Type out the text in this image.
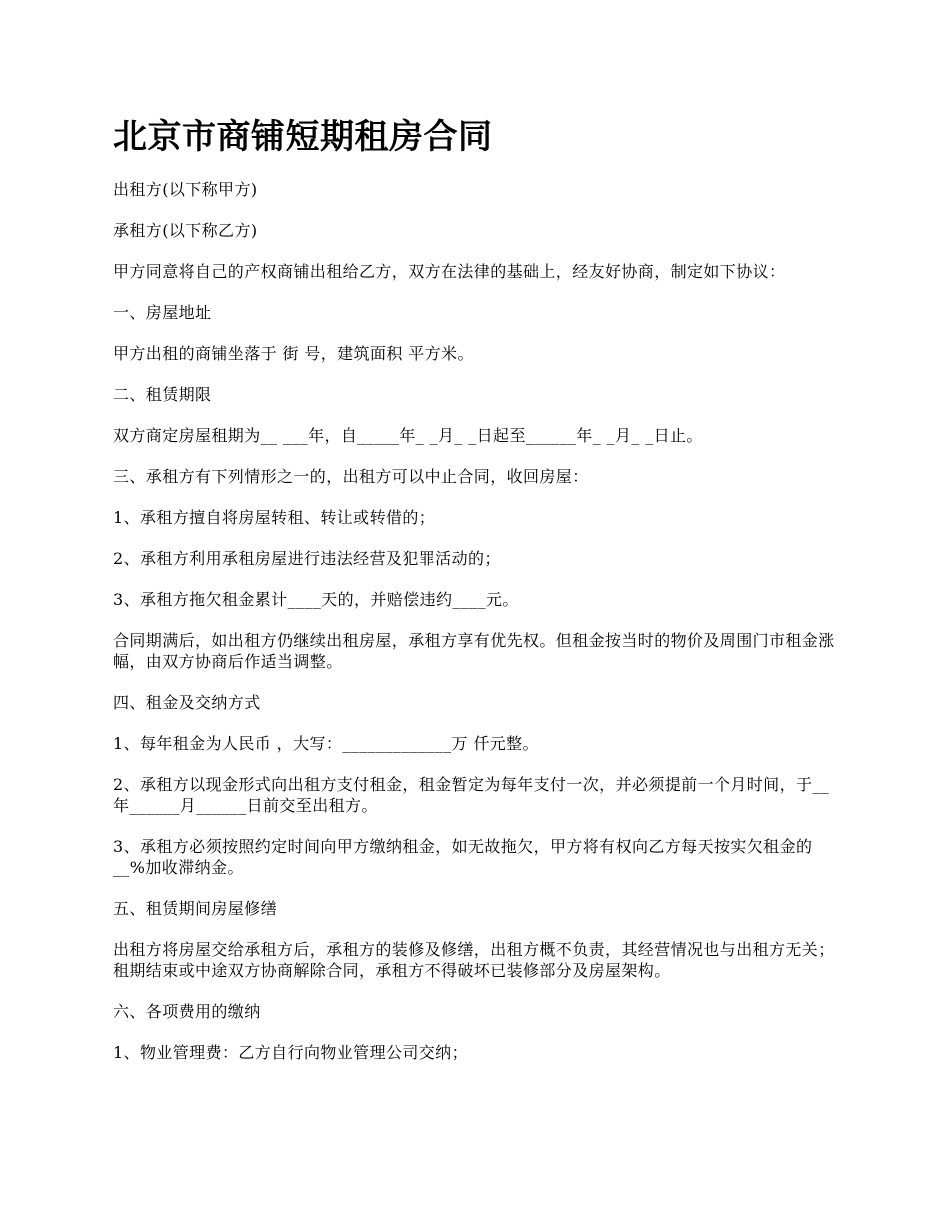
北京市商铺短期租房合同

出租方(以下称甲方)

承租方(以下称乙方)

甲方同意将自己的产权商铺出租给乙方，双方在法律的基础上，经友好协商，制定如下协议：

一、房屋地址

甲方出租的商铺坐落于 街 号，建筑面积 平方米。

二、租赁期限

双方商定房屋租期为__ ___年，自_____年_ _月_ _日起至______年_ _月_ _日止。

三、承租方有下列情形之一的，出租方可以中止合同，收回房屋：

1、承租方擅自将房屋转租、转让或转借的；

2、承租方利用承租房屋进行违法经营及犯罪活动的；

3、承租方拖欠租金累计____天的，并赔偿违约____元。

合同期满后，如出租方仍继续出租房屋，承租方享有优先权。但租金按当时的物价及周围门市租金涨幅，由双方协商后作适当调整。

四、租金及交纳方式

1、每年租金为人民币 ，大写：_____________万 仟元整。

2、承租方以现金形式向出租方支付租金，租金暂定为每年支付一次，并必须提前一个月时间，于__年______月______日前交至出租方。

3、承租方必须按照约定时间向甲方缴纳租金，如无故拖欠，甲方将有权向乙方每天按实欠租金的__%加收滞纳金。

五、租赁期间房屋修缮

出租方将房屋交给承租方后，承租方的装修及修缮，出租方概不负责，其经营情况也与出租方无关；租期结束或中途双方协商解除合同，承租方不得破坏已装修部分及房屋架构。

六、各项费用的缴纳

1、物业管理费：乙方自行向物业管理公司交纳；
